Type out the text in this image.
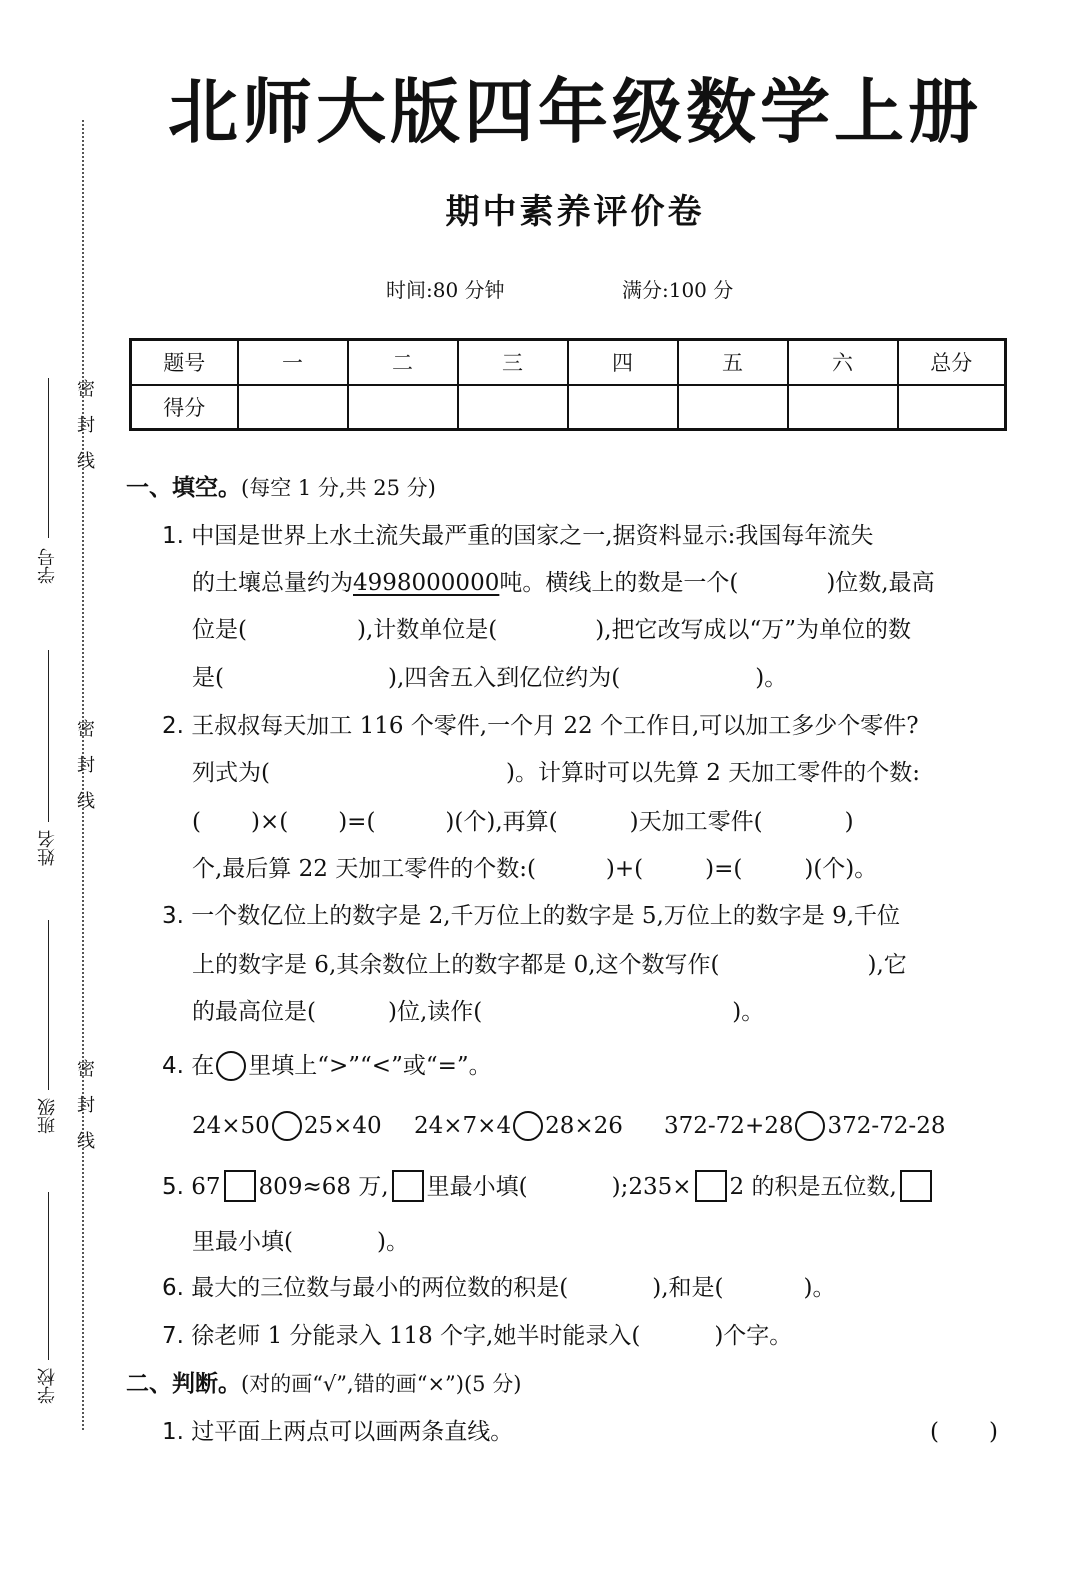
密
封
线
密
封
线
密
封
线
学号
姓名
班级
学校
北师大版四年级数学上册
期中素养评价卷
时间:80 分钟	满分:100 分
题号	一	二	三	四	五	六	总分
得分							
一、填空。(每空 1 分,共 25 分)
1. 中国是世界上水土流失最严重的国家之一,据资料显示:我国每年流失
的土壤总量约为4998000000吨。横线上的数是一个(	)位数,最高
位是(	),计数单位是(	),把它改写成以“万”为单位的数
是(	),四舍五入到亿位约为(	)。
2. 王叔叔每天加工 116 个零件,一个月 22 个工作日,可以加工多少个零件?
列式为(	)。计算时可以先算 2 天加工零件的个数:
( )×( )=(	)(个),再算(	)天加工零件(	)
个,最后算 22 天加工零件的个数:(	)+(	)=(	)(个)。
3. 一个数亿位上的数字是 2,千万位上的数字是 5,万位上的数字是 9,千位
上的数字是 6,其余数位上的数字都是 0,这个数写作(	),它
的最高位是(	)位,读作(	)。
4. 在 里填上“>”“<”或“=”。
24×50 25×40 24×7×4 28×26 372-72+28 372-72-28
5. 67 809≈68 万, 里最小填(	);235× 2 的积是五位数,
里最小填(	)。
6. 最大的三位数与最小的两位数的积是(	),和是(	)。
7. 徐老师 1 分能录入 118 个字,她半时能录入(	)个字。
二、判断。(对的画“√”,错的画“×”)(5 分)
1. 过平面上两点可以画两条直线。	( )
